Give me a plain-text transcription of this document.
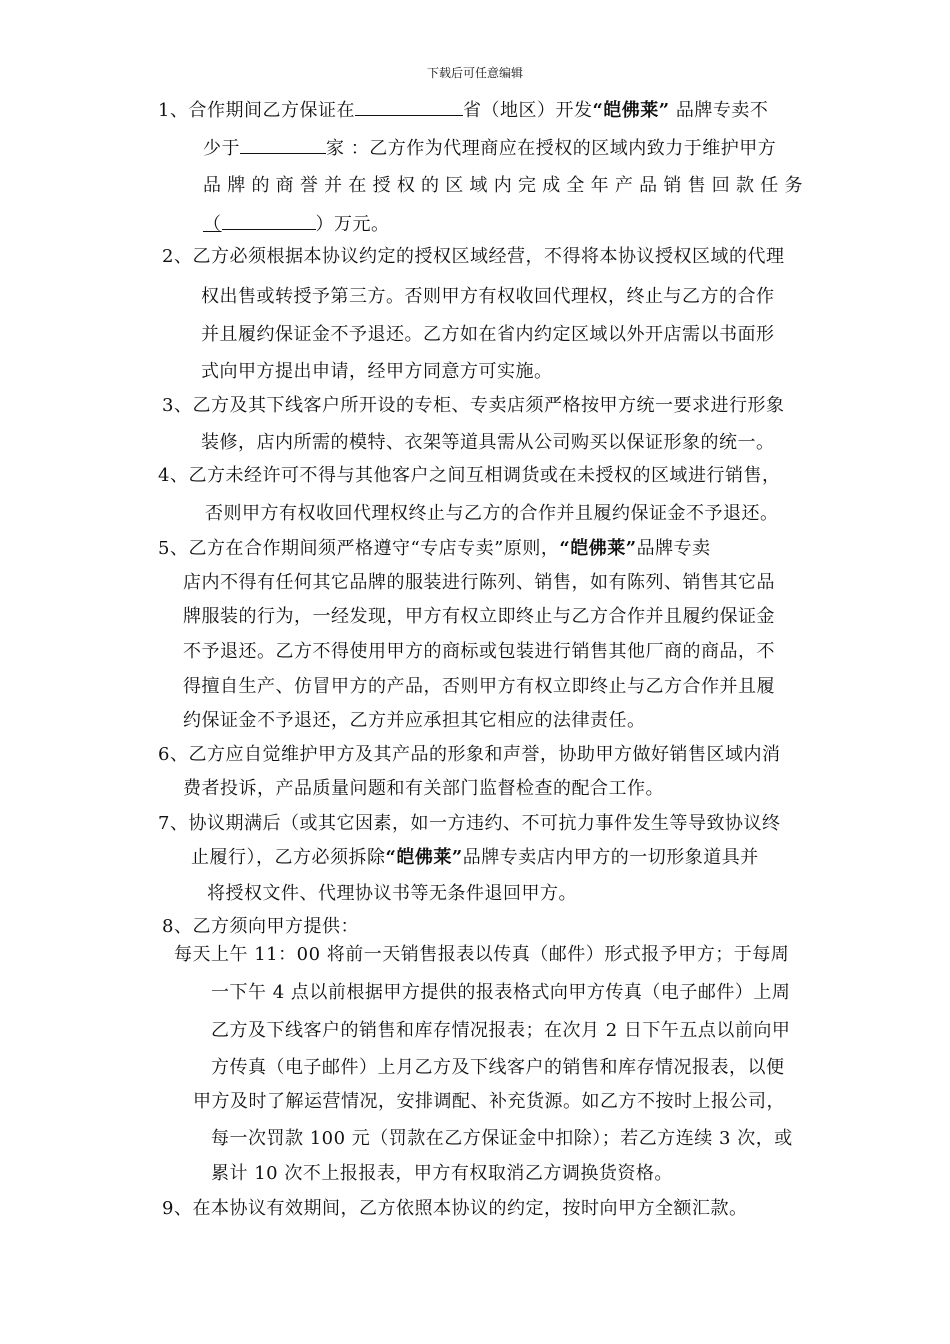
下载后可任意编辑
1、合作期间乙方保证在	省（地区）开发“皑佛莱” 品牌专卖不
少于	家 ：乙方作为代理商应在授权的区域内致力于维护甲方
品牌的商誉并在授权的区域内完成全年产品销售回款任务
（	）万元。
2、乙方必须根据本协议约定的授权区域经营，不得将本协议授权区域的代理
权出售或转授予第三方。否则甲方有权收回代理权，终止与乙方的合作
并且履约保证金不予退还。乙方如在省内约定区域以外开店需以书面形
式向甲方提出申请，经甲方同意方可实施。
3、乙方及其下线客户所开设的专柜、专卖店须严格按甲方统一要求进行形象
装修，店内所需的模特、衣架等道具需从公司购买以保证形象的统一。
4、乙方未经许可不得与其他客户之间互相调货或在未授权的区域进行销售，
否则甲方有权收回代理权终止与乙方的合作并且履约保证金不予退还。
5、乙方在合作期间须严格遵守“专店专卖”原则，“皑佛莱”品牌专卖
店内不得有任何其它品牌的服装进行陈列、销售，如有陈列、销售其它品
牌服装的行为，一经发现，甲方有权立即终止与乙方合作并且履约保证金
不予退还。乙方不得使用甲方的商标或包装进行销售其他厂商的商品，不
得擅自生产、仿冒甲方的产品，否则甲方有权立即终止与乙方合作并且履
约保证金不予退还，乙方并应承担其它相应的法律责任。
6、乙方应自觉维护甲方及其产品的形象和声誉，协助甲方做好销售区域内消
费者投诉，产品质量问题和有关部门监督检查的配合工作。
7、协议期满后（或其它因素，如一方违约、不可抗力事件发生等导致协议终
止履行），乙方必须拆除“皑佛莱”品牌专卖店内甲方的一切形象道具并
将授权文件、代理协议书等无条件退回甲方。
8、乙方须向甲方提供：
每天上午 11：00 将前一天销售报表以传真（邮件）形式报予甲方；于每周
一下午 4 点以前根据甲方提供的报表格式向甲方传真（电子邮件）上周
乙方及下线客户的销售和库存情况报表；在次月 2 日下午五点以前向甲
方传真（电子邮件）上月乙方及下线客户的销售和库存情况报表，以便
甲方及时了解运营情况，安排调配、补充货源。如乙方不按时上报公司，
每一次罚款 100 元（罚款在乙方保证金中扣除）；若乙方连续 3 次，或
累计 10 次不上报报表，甲方有权取消乙方调换货资格。
9、在本协议有效期间，乙方依照本协议的约定，按时向甲方全额汇款。
